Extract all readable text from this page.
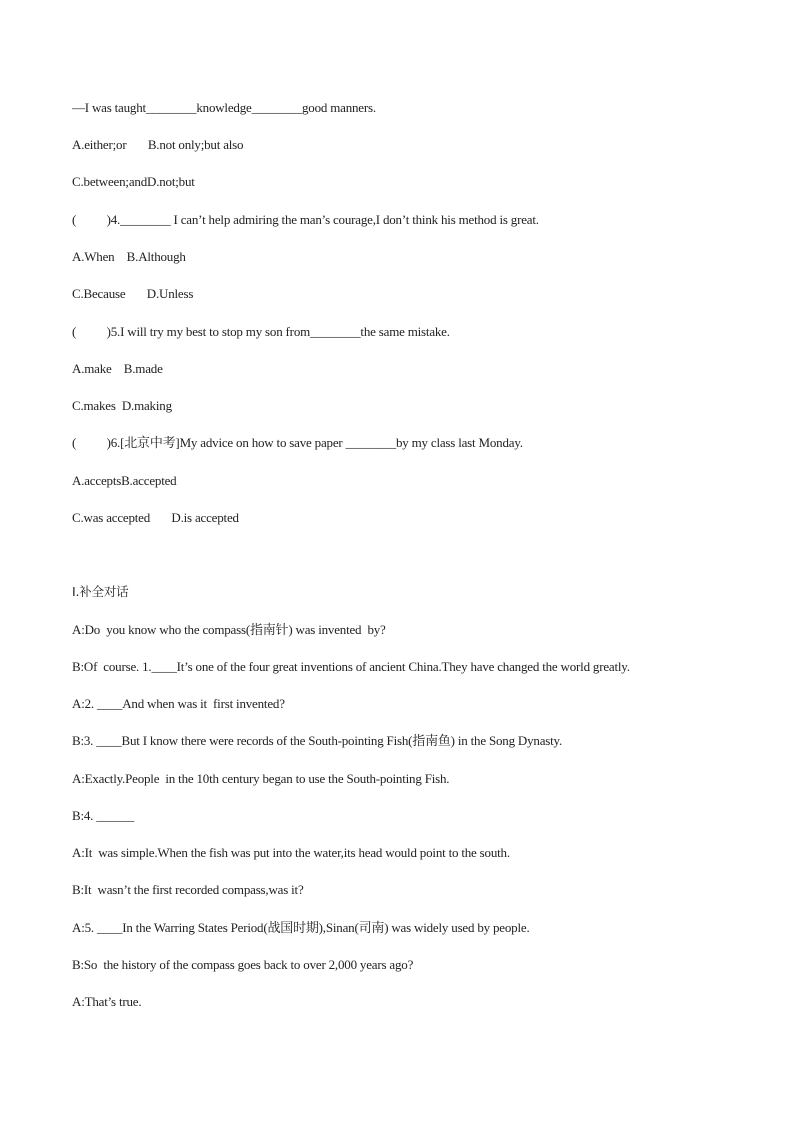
—I was taught________knowledge________good manners.
A.either;or       B.not only;but also
C.between;andD.not;but
(          )4.________ I can’t help admiring the man’s courage,I don’t think his method is great.
A.When    B.Although
C.Because       D.Unless
(          )5.I will try my best to stop my son from________the same mistake.
A.make    B.made
C.makes  D.making
(          )6.[北京中考]My advice on how to save paper ________by my class last Monday.
A.acceptsB.accepted
C.was accepted       D.is accepted
Ⅰ.补全对话
A:Do  you know who the compass(指南针) was invented  by?
B:Of  course. 1.____It’s one of the four great inventions of ancient China.They have changed the world greatly.
A:2. ____And when was it  first invented?
B:3. ____But I know there were records of the South-pointing Fish(指南鱼) in the Song Dynasty.
A:Exactly.People  in the 10th century began to use the South-pointing Fish.
B:4. ______
A:It  was simple.When the fish was put into the water,its head would point to the south.
B:It  wasn’t the first recorded compass,was it?
A:5. ____In the Warring States Period(战国时期),Sinan(司南) was widely used by people.
B:So  the history of the compass goes back to over 2,000 years ago?
A:That’s true.
